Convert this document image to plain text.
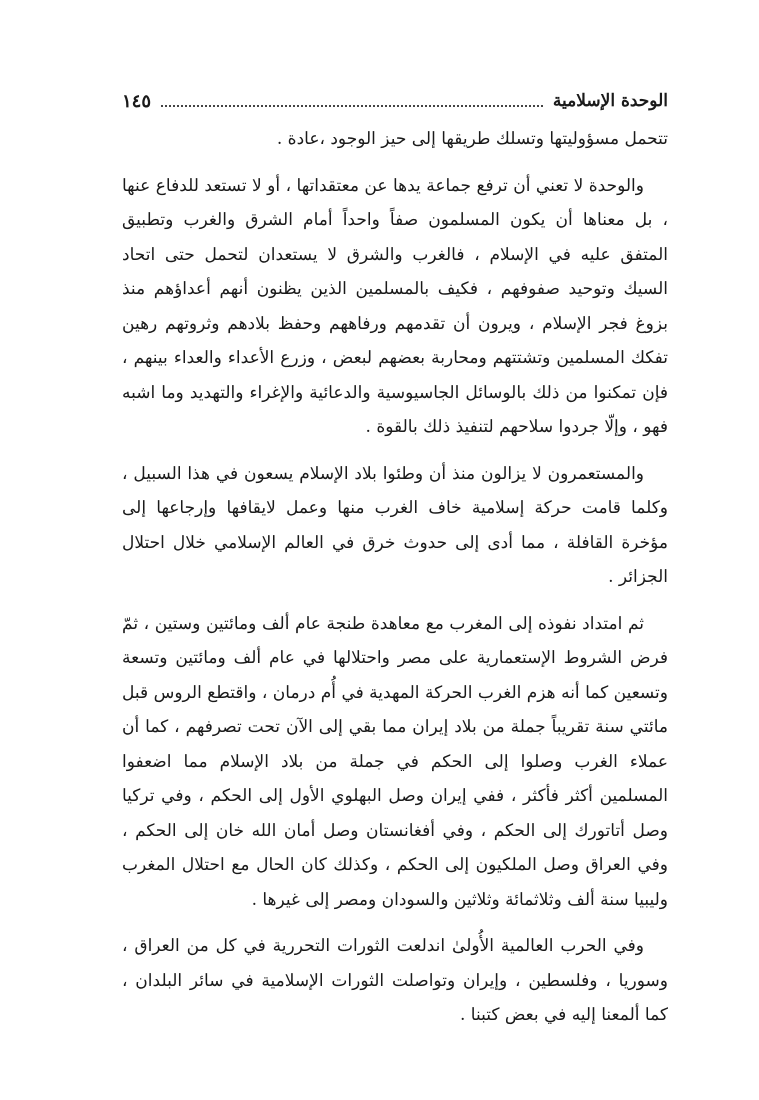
الوحدة الإسلامية
١٤٥

تتحمل مسؤوليتها وتسلك طريقها إلى حيز الوجود ،عادة .

والوحدة لا تعني أن ترفع جماعة يدها عن معتقداتها ، أو لا تستعد للدفاع عنها ، بل معناها أن يكون المسلمون صفاً واحداً أمام الشرق والغرب وتطبيق المتفق عليه في الإسلام ، فالغرب والشرق لا يستعدان لتحمل حتى اتحاد السيك وتوحيد صفوفهم ، فكيف بالمسلمين الذين يظنون أنهم أعداؤهم منذ بزوغ فجر الإسلام ، ويرون أن تقدمهم ورفاههم وحفظ بلادهم وثروتهم رهين تفكك المسلمين وتشتتهم ومحاربة بعضهم لبعض ، وزرع الأعداء والعداء بينهم ، فإن تمكنوا من ذلك بالوسائل الجاسيوسية والدعائية والإغراء والتهديد وما اشبه فهو ، وإلّا جردوا سلاحهم لتنفيذ ذلك بالقوة .

والمستعمرون لا يزالون منذ أن وطئوا بلاد الإسلام يسعون في هذا السبيل ، وكلما قامت حركة إسلامية خاف الغرب منها وعمل لايقافها وإرجاعها إلى مؤخرة القافلة ، مما أدى إلى حدوث خرق في العالم الإسلامي خلال احتلال الجزائر .

ثم امتداد نفوذه إلى المغرب مع معاهدة طنجة عام ألف ومائتين وستين ، ثمّ فرض الشروط الإستعمارية على مصر واحتلالها في عام ألف ومائتين وتسعة وتسعين كما أنه هزم الغرب الحركة المهدية في أُم درمان ، واقتطع الروس قبل مائتي سنة تقريباً جملة من بلاد إيران مما بقي إلى الآن تحت تصرفهم ، كما أن عملاء الغرب وصلوا إلى الحكم في جملة من بلاد الإسلام مما اضعفوا المسلمين أكثر فأكثر ، ففي إيران وصل البهلوي الأول إلى الحكم ، وفي تركيا وصل أتاتورك إلى الحكم ، وفي أفغانستان وصل أمان الله خان إلى الحكم ، وفي العراق وصل الملكيون إلى الحكم ، وكذلك كان الحال مع احتلال المغرب وليبيا سنة ألف وثلاثمائة وثلاثين والسودان ومصر إلى غيرها .

وفي الحرب العالمية الأُولىٰ اندلعت الثورات التحررية في كل من العراق ، وسوريا ، وفلسطين ، وإيران وتواصلت الثورات الإسلامية في سائر البلدان ، كما ألمعنا إليه في بعض كتبنا .
